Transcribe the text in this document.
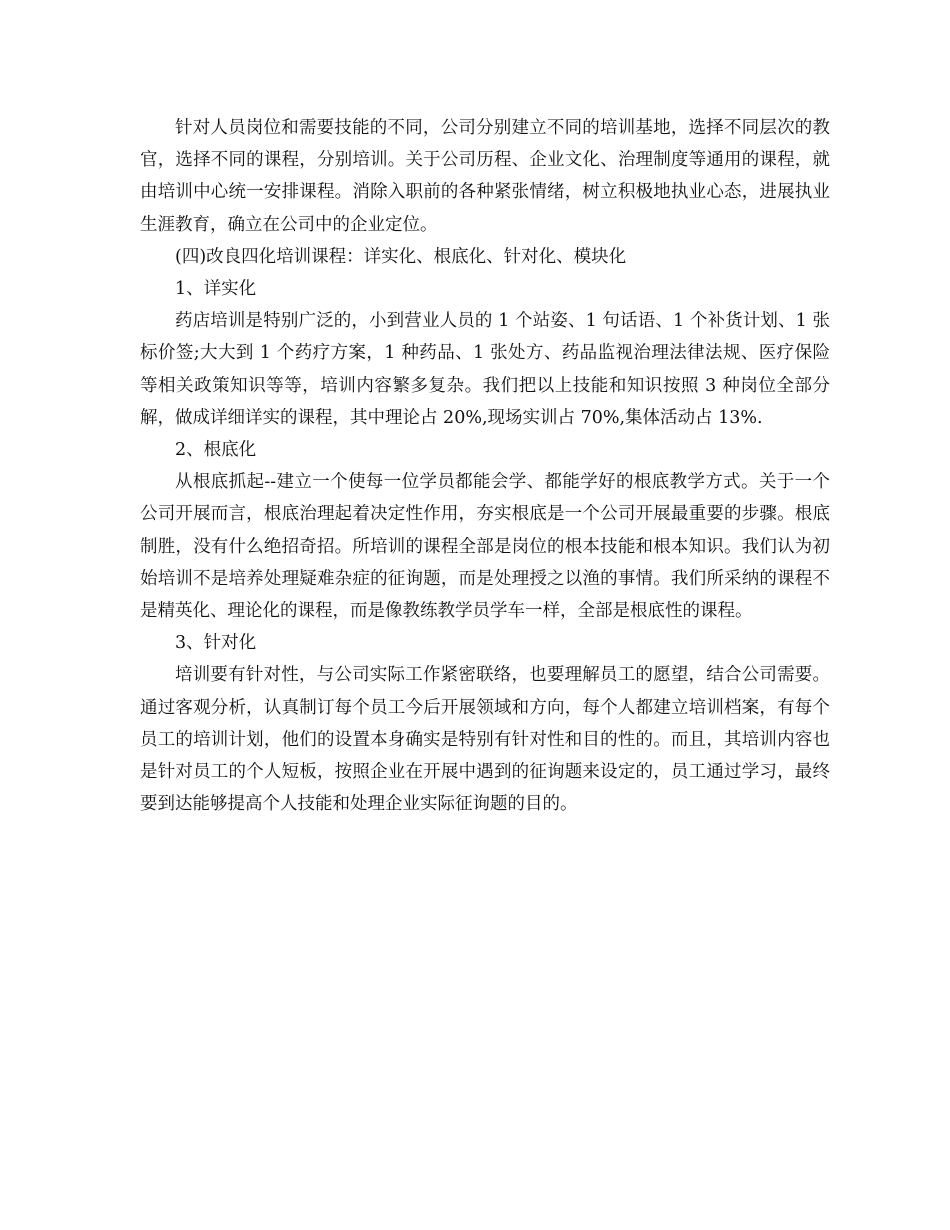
针对人员岗位和需要技能的不同，公司分别建立不同的培训基地，选择不同层次的教官，选择不同的课程，分别培训。关于公司历程、企业文化、治理制度等通用的课程，就由培训中心统一安排课程。消除入职前的各种紧张情绪，树立积极地执业心态，进展执业生涯教育，确立在公司中的企业定位。

(四)改良四化培训课程：详实化、根底化、针对化、模块化

1、详实化

药店培训是特别广泛的，小到营业人员的 1 个站姿、1 句话语、1 个补货计划、1 张标价签;大大到 1 个药疗方案，1 种药品、1 张处方、药品监视治理法律法规、医疗保险等相关政策知识等等，培训内容繁多复杂。我们把以上技能和知识按照 3 种岗位全部分解，做成详细详实的课程，其中理论占 20%,现场实训占 70%,集体活动占 13%.

2、根底化

从根底抓起--建立一个使每一位学员都能会学、都能学好的根底教学方式。关于一个公司开展而言，根底治理起着决定性作用，夯实根底是一个公司开展最重要的步骤。根底制胜，没有什么绝招奇招。所培训的课程全部是岗位的根本技能和根本知识。我们认为初始培训不是培养处理疑难杂症的征询题，而是处理授之以渔的事情。我们所采纳的课程不是精英化、理论化的课程，而是像教练教学员学车一样，全部是根底性的课程。

3、针对化

培训要有针对性，与公司实际工作紧密联络，也要理解员工的愿望，结合公司需要。通过客观分析，认真制订每个员工今后开展领域和方向，每个人都建立培训档案，有每个员工的培训计划，他们的设置本身确实是特别有针对性和目的性的。而且，其培训内容也是针对员工的个人短板，按照企业在开展中遇到的征询题来设定的，员工通过学习，最终要到达能够提高个人技能和处理企业实际征询题的目的。
